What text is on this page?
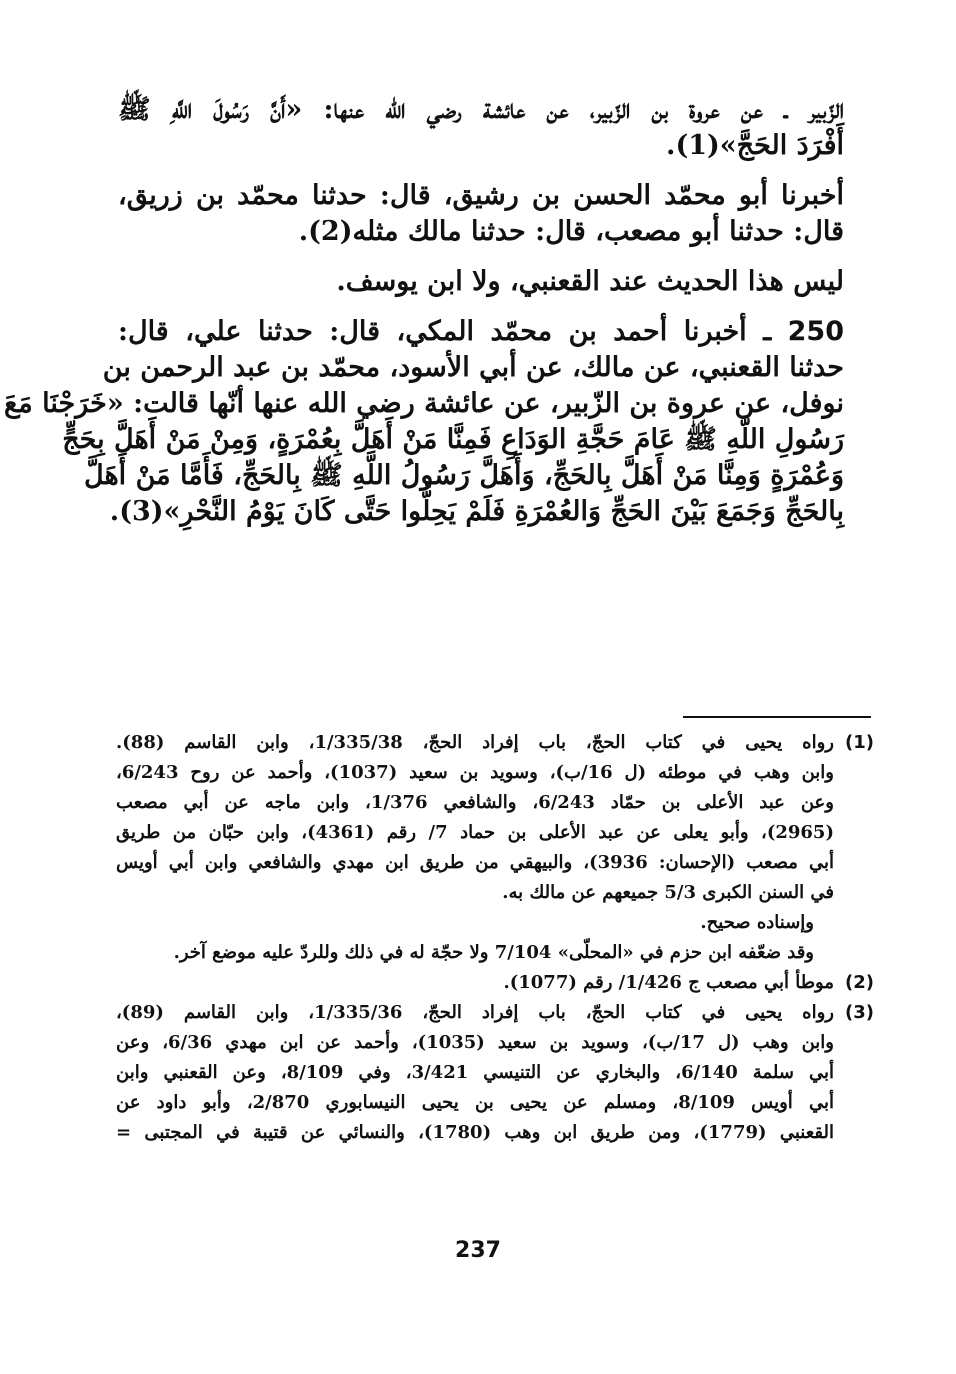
الزّبير ـ عن عروة بن الزّبير، عن عائشة رضي الله عنها: «أَنَّ رَسُولَ اللَّهِ ﷺ
أَفْرَدَ الحَجَّ»(1).
أخبرنا أبو محمّد الحسن بن رشيق، قال: حدثنا محمّد بن زريق،
قال: حدثنا أبو مصعب، قال: حدثنا مالك مثله(2).
ليس هذا الحديث عند القعنبي، ولا ابن يوسف.
250 ـ أخبرنا أحمد بن محمّد المكي، قال: حدثنا علي، قال:
حدثنا القعنبي، عن مالك، عن أبي الأسود، محمّد بن عبد الرحمن بن
نوفل، عن عروة بن الزّبير، عن عائشة رضي الله عنها أنّها قالت: «خَرَجْنَا مَعَ
رَسُولِ اللَّهِ ﷺ عَامَ حَجَّةِ الوَدَاعِ فَمِنَّا مَنْ أَهَلَّ بِعُمْرَةٍ، وَمِنْ مَنْ أَهَلَّ بِحَجٍّ
وَعُمْرَةٍ وَمِنَّا مَنْ أَهَلَّ بِالحَجِّ، وَأَهَلَّ رَسُولُ اللَّهِ ﷺ بِالحَجِّ، فَأَمَّا مَنْ أَهَلَّ
بِالحَجِّ وَجَمَعَ بَيْنَ الحَجِّ وَالعُمْرَةِ فَلَمْ يَحِلُّوا حَتَّى كَانَ يَوْمُ النَّحْرِ»(3).
(1)
رواه يحيى في كتاب الحجّ، باب إفراد الحجّ، 1/335/38، وابن القاسم (88).
وابن وهب في موطئه (ل 16/ب)، وسويد بن سعيد (1037)، وأحمد عن روح 6/243،
وعن عبد الأعلى بن حمّاد 6/243، والشافعي 1/376، وابن ماجه عن أبي مصعب
(2965)، وأبو يعلى عن عبد الأعلى بن حماد 7/ رقم (4361)، وابن حبّان من طريق
أبي مصعب (الإحسان: 3936)، والبيهقي من طريق ابن مهدي والشافعي وابن أبي أويس
في السنن الكبرى 5/3 جميعهم عن مالك به.
وإسناده صحيح.
وقد ضعّفه ابن حزم في «المحلّى» 7/104 ولا حجّة له في ذلك وللردّ عليه موضع آخر.
(2)
موطأ أبي مصعب ج 1/426/ رقم (1077).
(3)
رواه يحيى في كتاب الحجّ، باب إفراد الحجّ، 1/335/36، وابن القاسم (89)،
وابن وهب (ل 17/ب)، وسويد بن سعيد (1035)، وأحمد عن ابن مهدي 6/36، وعن
أبي سلمة 6/140، والبخاري عن التنيسي 3/421، وفي 8/109، وعن القعنبي وابن
أبي أويس 8/109، ومسلم عن يحيى بن يحيى النيسابوري 2/870، وأبو داود عن
القعنبي (1779)، ومن طريق ابن وهب (1780)، والنسائي عن قتيبة في المجتبى =
237
